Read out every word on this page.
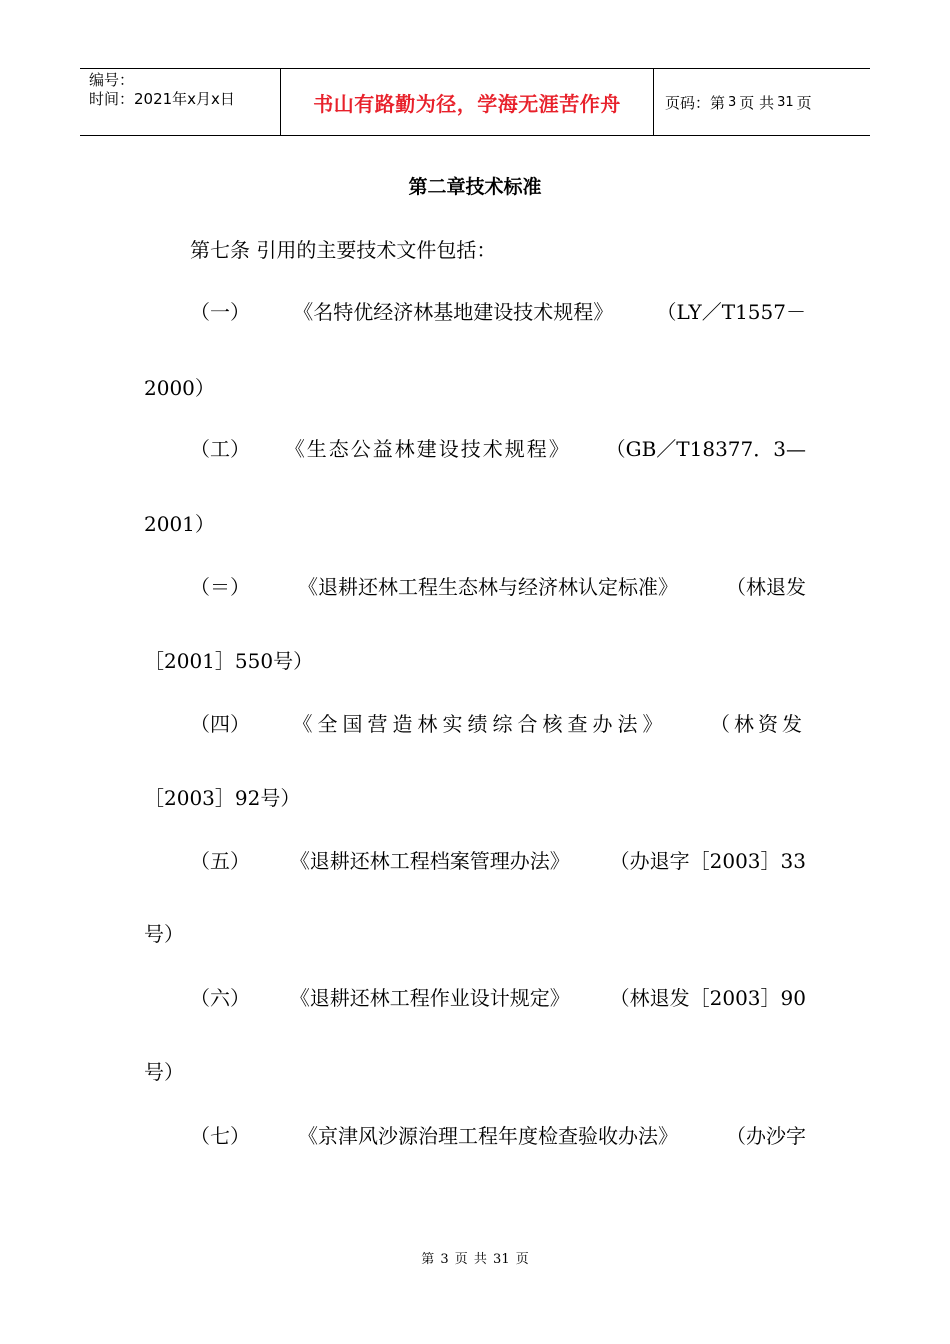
编号：
时间：2021年x月x日	书山有路勤为径，学海无涯苦作舟	页码：第 3 页 共 31 页
第二章技术标准
第七条 引用的主要技术文件包括：
（一） 《名特优经济林基地建设技术规程》 （LY／T1557－
2000）
（工） 《生态公益林建设技术规程》 （GB／T18377．3—
2001）
（＝） 《退耕还林工程生态林与经济林认定标准》 （林退发
［2001］550号）
（四） 《全国营造林实绩综合核查办法》 （林资发
［2003］92号）
（五） 《退耕还林工程档案管理办法》 （办退字［2003］33
号）
（六） 《退耕还林工程作业设计规定》 （林退发［2003］90
号）
（七） 《京津风沙源治理工程年度检查验收办法》 （办沙字
第 3 页 共 31 页
